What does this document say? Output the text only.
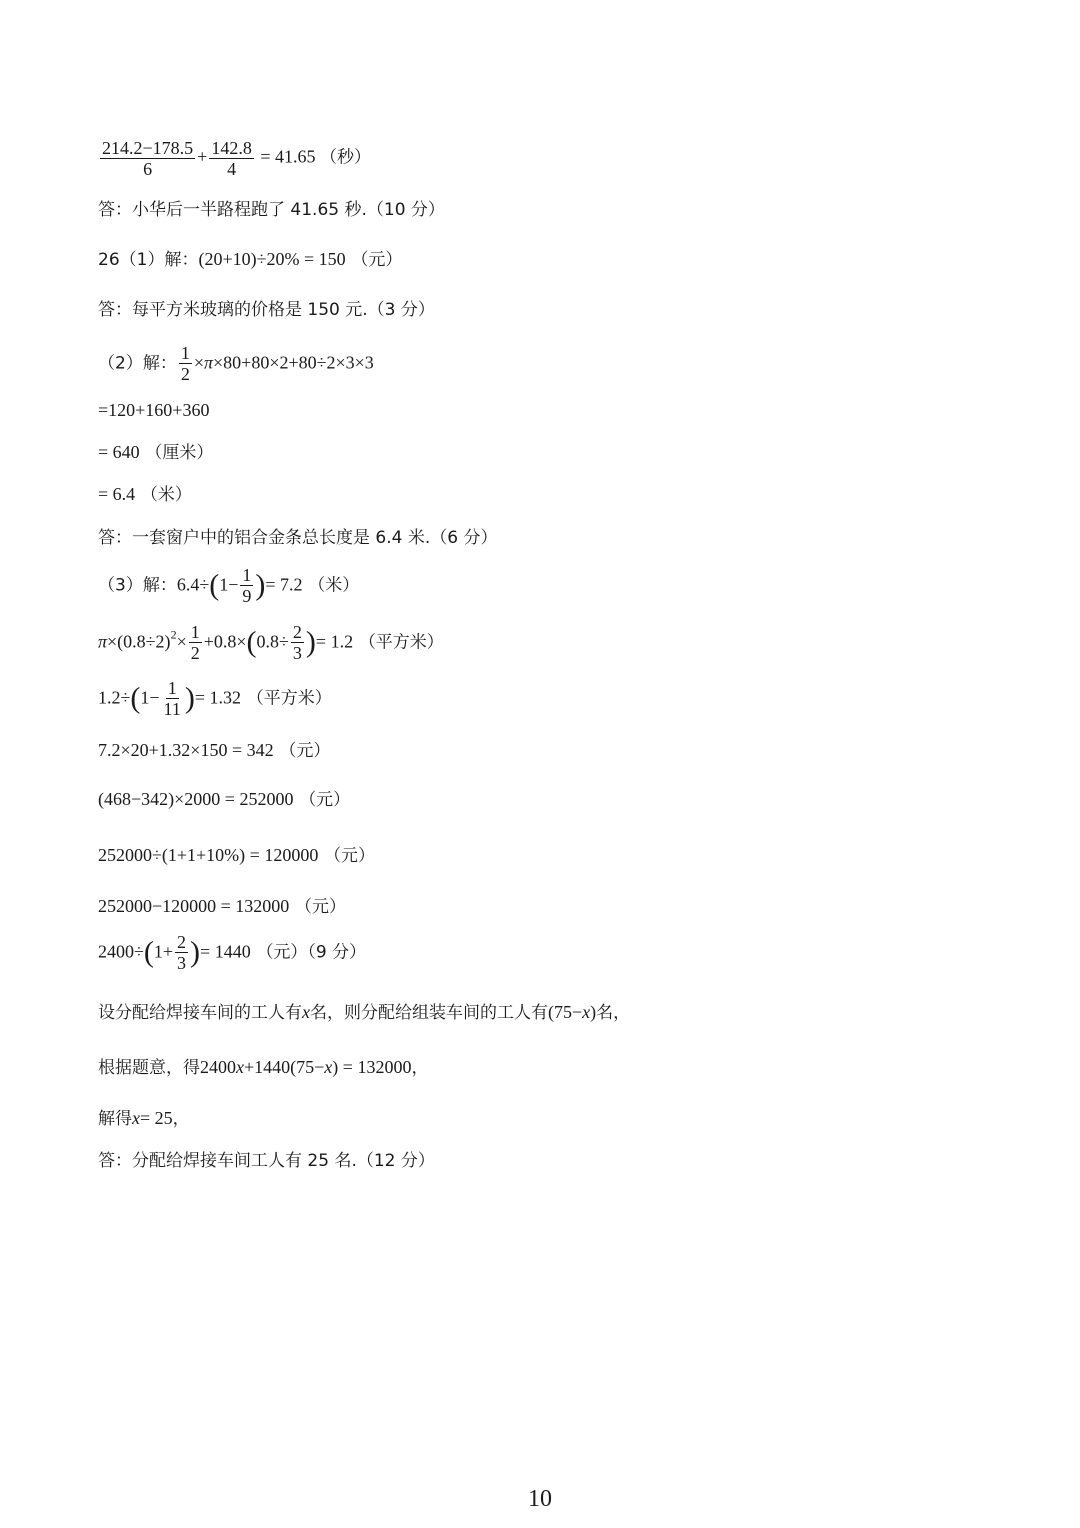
$\frac{214.2-178.5}{6} + \frac{142.8}{4} = 41.65$ （秒）
答：小华后一半路程跑了 41.65 秒.（10 分）
26（1）解：(20+10)÷20% = 150 （元）
答：每平方米玻璃的价格是 150 元.（3 分）
（2）解： $\frac{1}{2} \times\pi\times 80+80\times 2+80\div 2\times 3\times 3$
=120+160+360
= 640 （厘米）
= 6.4 （米）
答：一套窗户中的铝合金条总长度是 6.4 米.（6 分）
（3）解：$6.4\div(1- \frac{1}{9}$ )= 7.2 （米）
$\pi\times(0.8\div 2)^2\times \frac{1}{2} +0.8\times(0.8\div \frac{2}{3}$ )= 1.2 （平方米）
$1.2\div(1- \frac{1}{11}$ )= 1.32 （平方米）
7.2×20+1.32×150 = 342 （元）
(468−342)×2000 = 252000 （元）
252000÷(1+1+10%) = 120000 （元）
252000−120000 = 132000 （元）
$2400\div(1+ \frac{2}{3}$ )= 1440 （元）（9 分）
设分配给焊接车间的工人有x名，则分配给组装车间的工人有(75−x)名，
根据题意，得2400x+1440(75−x) = 132000，
解得x= 25，
答：分配给焊接车间工人有 25 名.（12 分）
10
